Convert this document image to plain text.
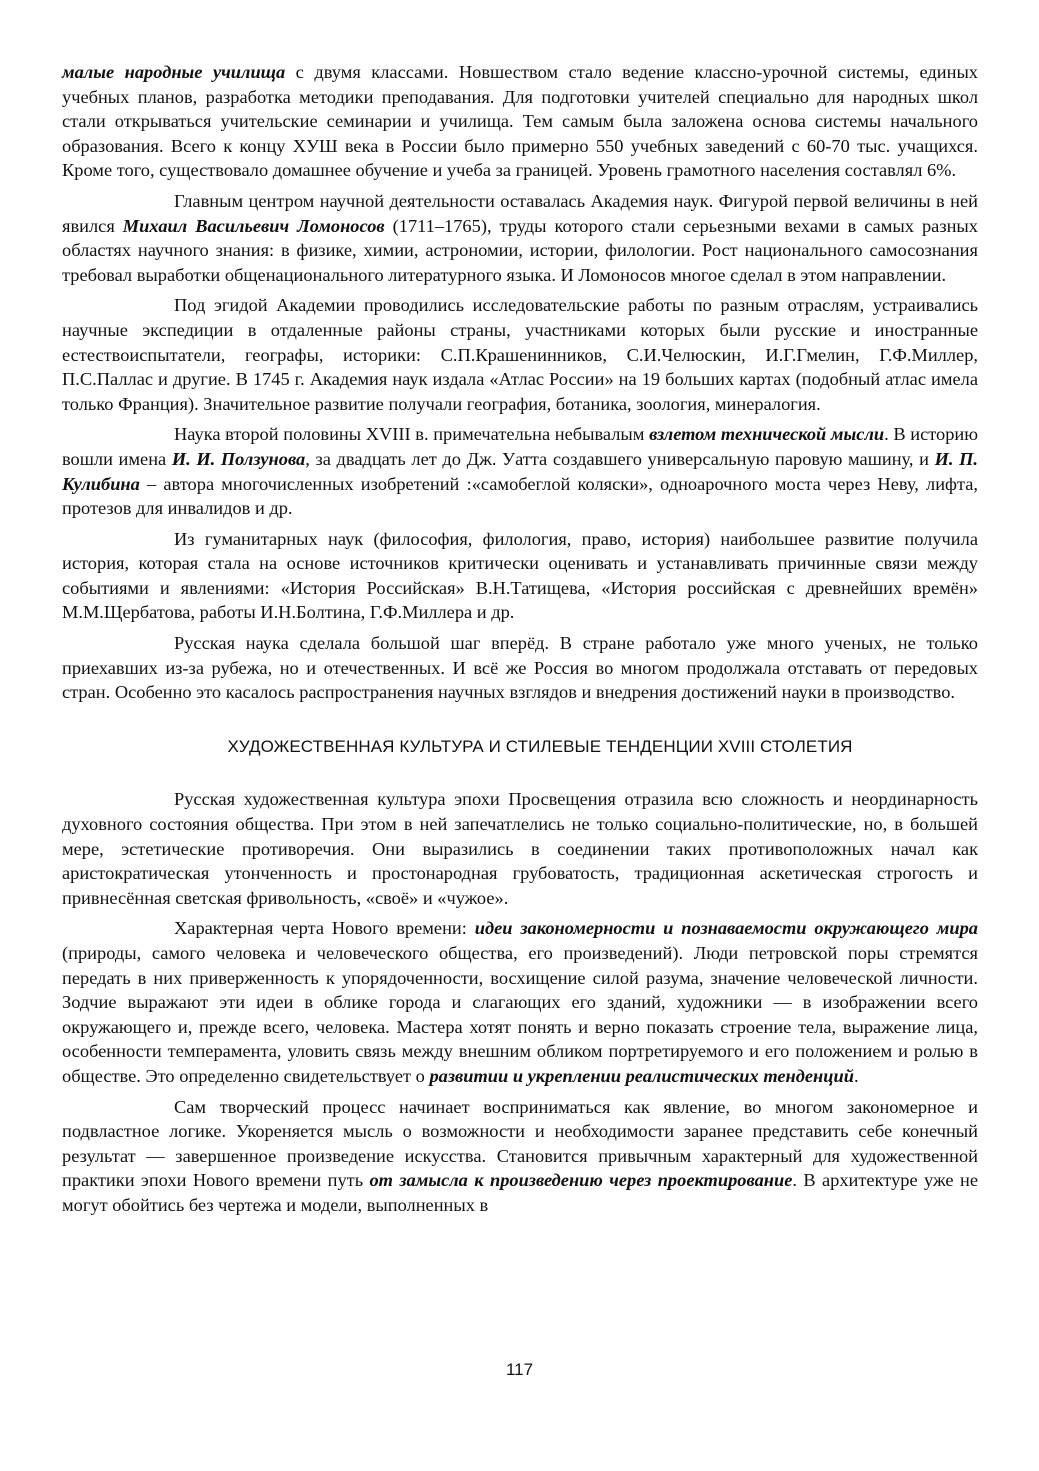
малые народные училища с двумя классами. Новшеством стало ведение классно-урочной системы, единых учебных планов, разработка методики преподавания. Для подготовки учителей специально для народных школ стали открываться учительские семинарии и училища. Тем самым была заложена основа системы начального образования. Всего к концу ХУШ века в России было примерно 550 учебных заведений с 60-70 тыс. учащихся. Кроме того, существовало домашнее обучение и учеба за границей. Уровень грамотного населения составлял 6%.

Главным центром научной деятельности оставалась Академия наук. Фигурой первой величины в ней явился Михаил Васильевич Ломоносов (1711–1765), труды которого стали серьезными вехами в самых разных областях научного знания: в физике, химии, астрономии, истории, филологии. Рост национального самосознания требовал выработки общенационального литературного языка. И Ломоносов многое сделал в этом направлении.

Под эгидой Академии проводились исследовательские работы по разным отраслям, устраивались научные экспедиции в отдаленные районы страны, участниками которых были русские и иностранные естествоиспытатели, географы, историки: С.П.Крашенинников, С.И.Челюскин, И.Г.Гмелин, Г.Ф.Миллер, П.С.Паллас и другие. В 1745 г. Академия наук издала «Атлас России» на 19 больших картах (подобный атлас имела только Франция). Значительное развитие получали география, ботаника, зоология, минералогия.

Наука второй половины XVIII в. примечательна небывалым взлетом технической мысли. В историю вошли имена И. И. Ползунова, за двадцать лет до Дж. Уатта создавшего универсальную паровую машину, и И. П. Кулибина – автора многочисленных изобретений :«самобеглой коляски», одноарочного моста через Неву, лифта, протезов для инвалидов и др.

Из гуманитарных наук (философия, филология, право, история) наибольшее развитие получила история, которая стала на основе источников критически оценивать и устанавливать причинные связи между событиями и явлениями: «История Российская» В.Н.Татищева, «История российская с древнейших времён» М.М.Щербатова, работы И.Н.Болтина, Г.Ф.Миллера и др.

Русская наука сделала большой шаг вперёд. В стране работало уже много ученых, не только приехавших из-за рубежа, но и отечественных. И всё же Россия во многом продолжала отставать от передовых стран. Особенно это касалось распространения научных взглядов и внедрения достижений науки в производство.

ХУДОЖЕСТВЕННАЯ КУЛЬТУРА И СТИЛЕВЫЕ ТЕНДЕНЦИИ XVIII СТОЛЕТИЯ

Русская художественная культура эпохи Просвещения отразила всю сложность и неординарность духовного состояния общества. При этом в ней запечатлелись не только социально-политические, но, в большей мере, эстетические противоречия. Они выразились в соединении таких противоположных начал как аристократическая утонченность и простонародная грубоватость, традиционная аскетическая строгость и привнесённая светская фривольность, «своё» и «чужое».

Характерная черта Нового времени: идеи закономерности и познаваемости окружающего мира (природы, самого человека и человеческого общества, его произведений). Люди петровской поры стремятся передать в них приверженность к упорядоченности, восхищение силой разума, значение человеческой личности. Зодчие выражают эти идеи в облике города и слагающих его зданий, художники — в изображении всего окружающего и, прежде всего, человека. Мастера хотят понять и верно показать строение тела, выражение лица, особенности темперамента, уловить связь между внешним обликом портретируемого и его положением и ролью в обществе. Это определенно свидетельствует о развитии и укреплении реалистических тенденций.

Сам творческий процесс начинает восприниматься как явление, во многом закономерное и подвластное логике. Укореняется мысль о возможности и необходимости заранее представить себе конечный результат — завершенное произведение искусства. Становится привычным характерный для художественной практики эпохи Нового времени путь от замысла к произведению через проектирование. В архитектуре уже не могут обойтись без чертежа и модели, выполненных в

117
